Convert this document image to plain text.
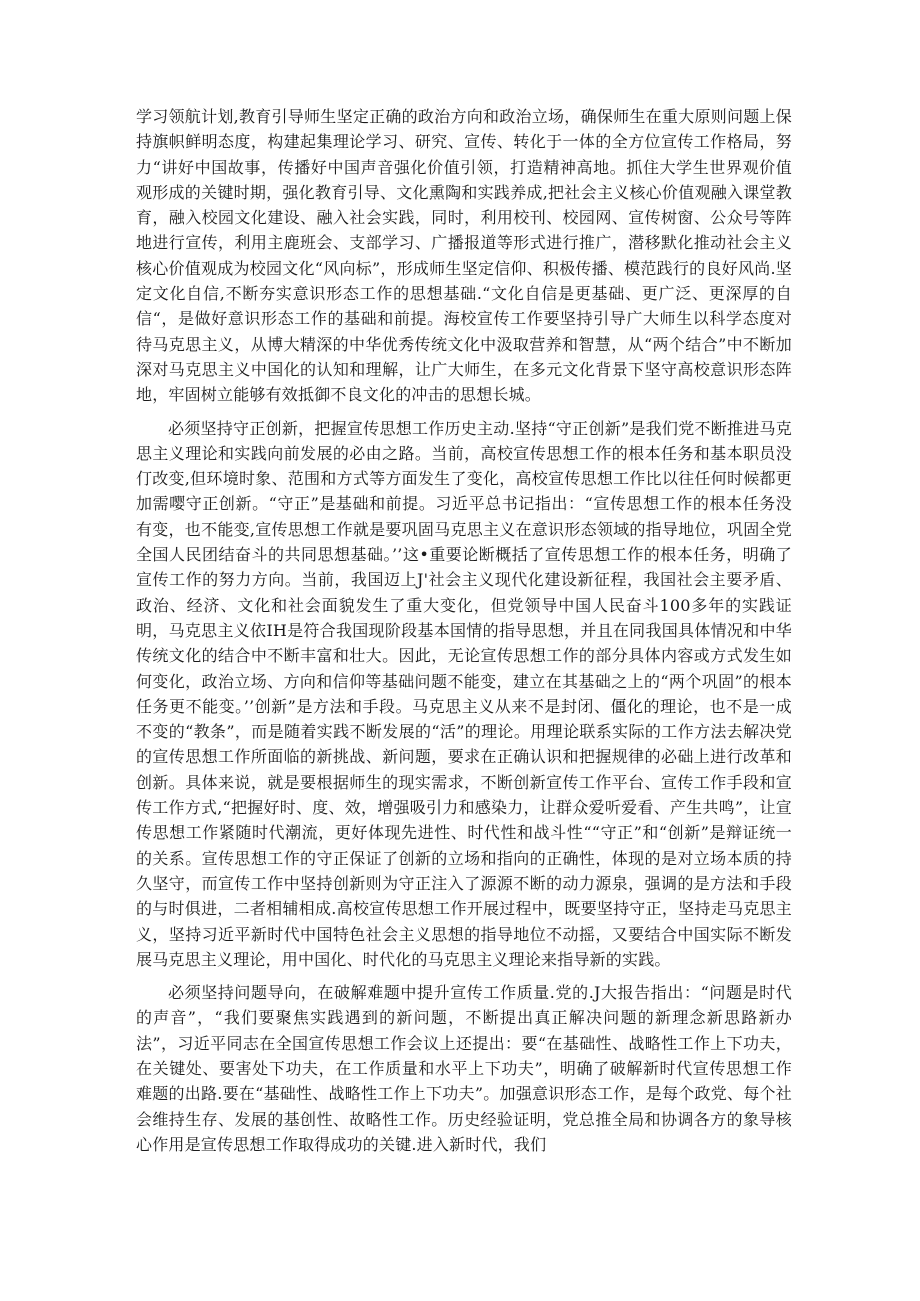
学习领航计划,教育引导师生坚定正确的政治方向和政治立场，确保师生在重大原则问题上保持旗帜鲜明态度，构建起集理论学习、研究、宣传、转化于一体的全方位宣传工作格局，努力“讲好中国故事，传播好中国声音强化价值引领，打造精神高地。抓住大学生世界观价值观形成的关键时期，强化教育引导、文化熏陶和实践养成,把社会主义核心价值观融入课堂教育，融入校园文化建设、融入社会实践，同时，利用校刊、校园网、宣传树窗、公众号等阵地进行宣传，利用主鹿班会、支部学习、广播报道等形式进行推广，潜移默化推动社会主义核心价值观成为校园文化“风向标”，形成师生坚定信仰、积极传播、模范践行的良好风尚.坚定文化自信,不断夯实意识形态工作的思想基础.“文化自信是更基础、更广泛、更深厚的自信“，是做好意识形态工作的基础和前提。海校宣传工作要坚持引导广大师生以科学态度对待马克思主义，从博大精深的中华优秀传统文化中汲取营养和智慧，从“两个结合”中不断加深对马克思主义中国化的认知和理解，让广大师生，在多元文化背景下坚守高校意识形态阵地，牢固树立能够有效抵御不良文化的冲击的思想长城。

必须坚持守正创新，把握宣传思想工作历史主动.坚持“守正创新”是我们党不断推进马克思主义理论和实践向前发展的必由之路。当前，高校宣传思想工作的根本任务和基本职员没仃改变,但环境时象、范围和方式等方面发生了变化，高校宣传思想工作比以往任何时候都更加需嘤守正创新。“守正”是基础和前提。习近平总书记指出：“宣传思想工作的根本任务没有变，也不能变,宣传思想工作就是要巩固马克思主义在意识形态领域的指导地位，巩固全党全国人民团结奋斗的共同思想基础。’’这•重要论断概括了宣传思想工作的根本任务，明确了宣传工作的努力方向。当前，我国迈上J'社会主义现代化建设新征程，我国社会主要矛盾、政治、经济、文化和社会面貌发生了重大变化，但党领导中国人民奋斗100多年的实践证明，马克思主义依IH是符合我国现阶段基本国情的指导思想，并且在同我国具体情况和中华传统文化的结合中不断丰富和壮大。因此，无论宣传思想工作的部分具体内容或方式发生如何变化，政治立场、方向和信仰等基础问题不能变，建立在其基础之上的“两个巩固”的根本任务更不能变。’’创新”是方法和手段。马克思主义从来不是封闭、僵化的理论，也不是一成不变的“教条”，而是随着实践不断发展的“活”的理论。用理论联系实际的工作方法去解决党的宣传思想工作所面临的新挑战、新问题，要求在正确认识和把握规律的必础上进行改革和创新。具体来说，就是要根据师生的现实需求，不断创新宣传工作平台、宣传工作手段和宣传工作方式,“把握好时、度、效，增强吸引力和感染力，让群众爱听爱看、产生共鸣”，让宣传思想工作紧随时代潮流，更好体现先进性、时代性和战斗性““守正”和“创新”是辩证统一的关系。宣传思想工作的守正保证了创新的立场和指向的正确性，体现的是对立场本质的持久坚守，而宣传工作中坚持创新则为守正注入了源源不断的动力源泉，强调的是方法和手段的与时俱进，二者相辅相成.高校宣传思想工作开展过程中，既要坚持守正，坚持走马克思主义，坚持习近平新时代中国特色社会主义思想的指导地位不动摇，又要结合中国实际不断发展马克思主义理论，用中国化、时代化的马克思主义理论来指导新的实践。

必须坚持问题导向，在破解难题中提升宣传工作质量.党的.J大报告指出：“问题是时代的声音”，“我们要聚焦实践遇到的新问题，不断提出真正解决问题的新理念新思路新办法”，习近平同志在全国宣传思想工作会议上还提出：要“在基础性、战略性工作上下功夫，在关键处、要害处下功夫，在工作质量和水平上下功夫”，明确了破解新时代宣传思想工作难题的出路.要在“基础性、战略性工作上下功夫”。加强意识形态工作，是每个政党、每个社会维持生存、发展的基创性、故略性工作。历史经验证明，党总推全局和协调各方的象导核心作用是宣传思想工作取得成功的关键.进入新时代，我们
